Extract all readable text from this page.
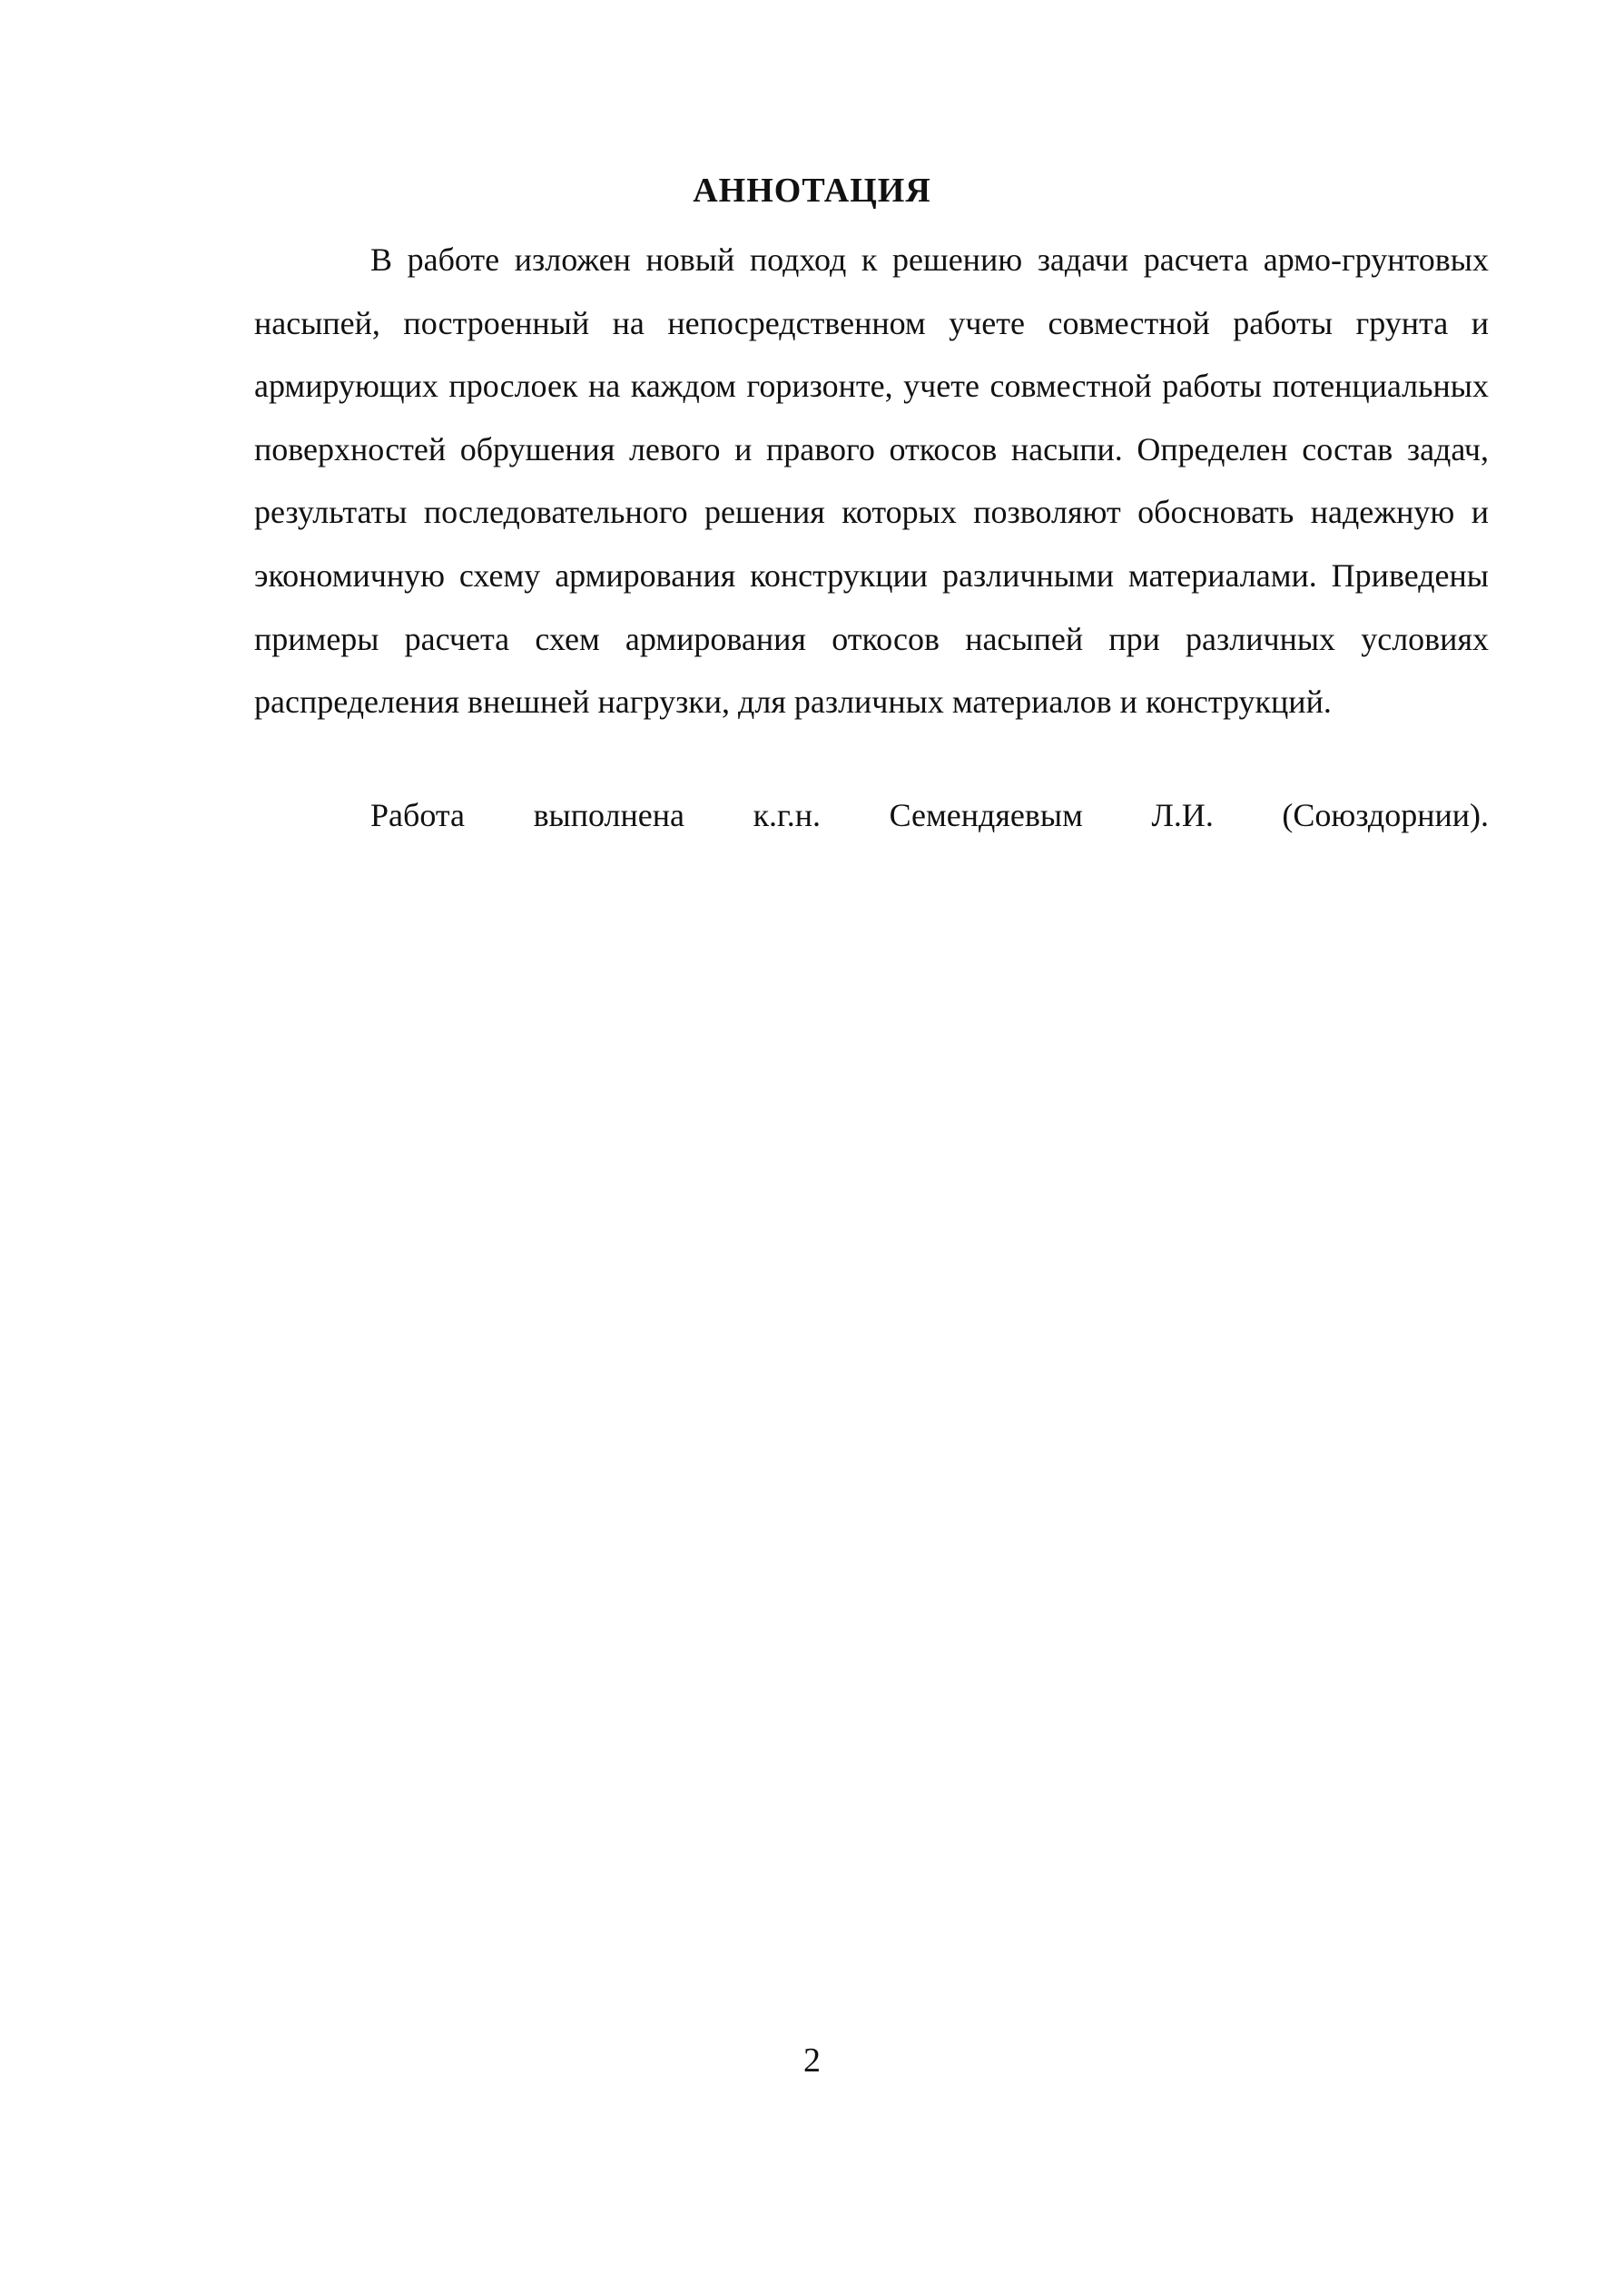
АННОТАЦИЯ

В работе изложен новый подход к решению задачи расчета армо-грунтовых насыпей, построенный на непосредственном учете совместной работы грунта и армирующих прослоек на каждом горизонте, учете совместной работы потенциальных поверхностей обрушения левого и правого откосов насыпи. Определен состав задач, результаты последовательного решения которых позволяют обосновать надежную и экономичную схему армирования конструкции различными материалами. Приведены примеры расчета схем армирования откосов насыпей при различных условиях распределения внешней нагрузки, для различных материалов и конструкций.

Работа выполнена к.г.н. Семендяевым Л.И. (Союздорнии).

2
